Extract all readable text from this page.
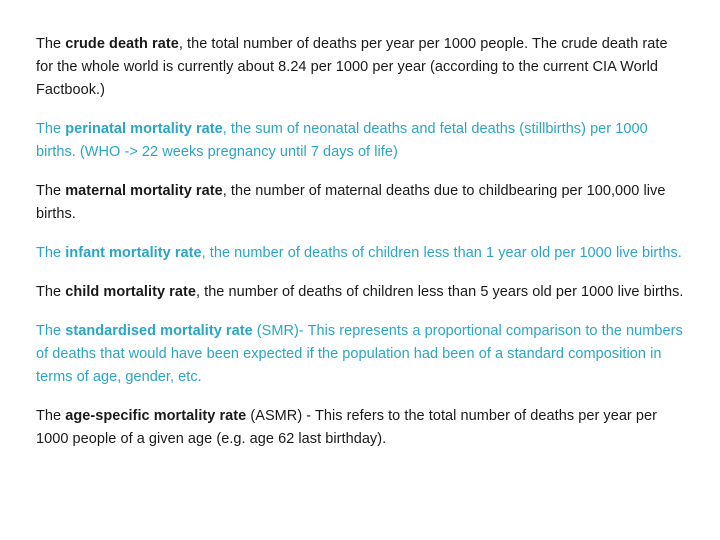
The crude death rate, the total number of deaths per year per 1000 people. The crude death rate for the whole world is currently about 8.24 per 1000 per year (according to the current CIA World Factbook.)

The perinatal mortality rate, the sum of neonatal deaths and fetal deaths (stillbirths) per 1000 births. (WHO -> 22 weeks pregnancy until 7 days of life)

The maternal mortality rate, the number of maternal deaths due to childbearing per 100,000 live births.

The infant mortality rate, the number of deaths of children less than 1 year old per 1000 live births.

The child mortality rate, the number of deaths of children less than 5 years old per 1000 live births.

The standardised mortality rate (SMR)- This represents a proportional comparison to the numbers of deaths that would have been expected if the population had been of a standard composition in terms of age, gender, etc.

The age-specific mortality rate (ASMR) - This refers to the total number of deaths per year per 1000 people of a given age (e.g. age 62 last birthday).
